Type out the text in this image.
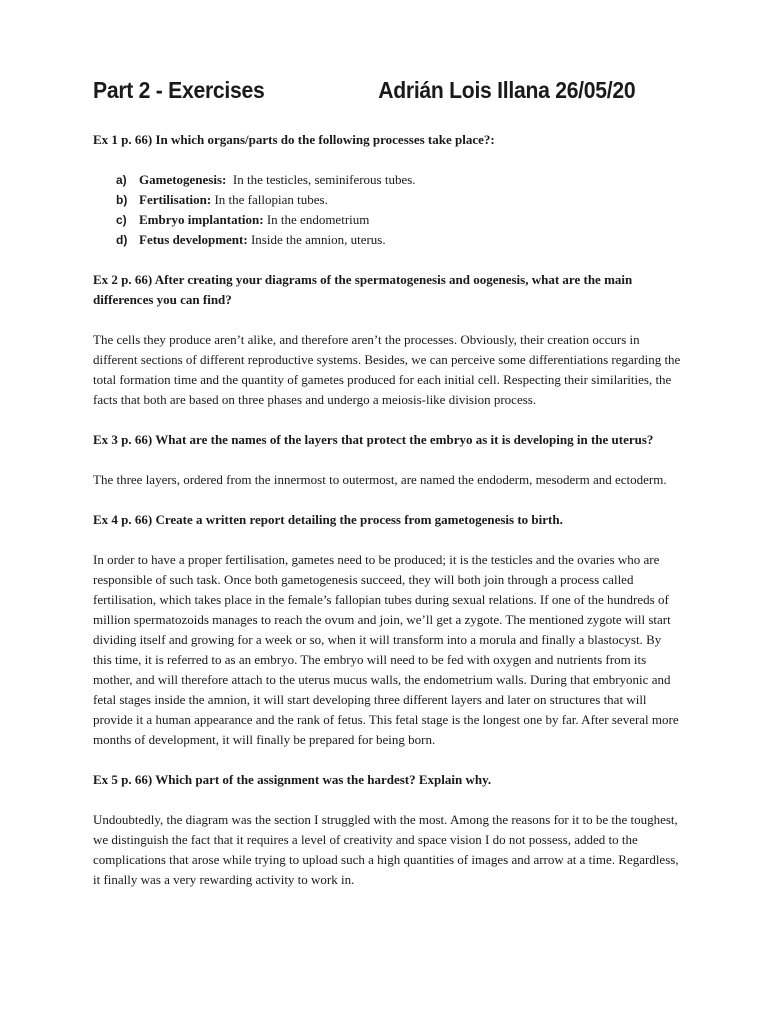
Part 2 - Exercises	Adrián Lois Illana 26/05/20

Ex 1 p. 66) In which organs/parts do the following processes take place?:

a) Gametogenesis:  In the testicles, seminiferous tubes.
b) Fertilisation: In the fallopian tubes.
c) Embryo implantation: In the endometrium
d) Fetus development: Inside the amnion, uterus.

Ex 2 p. 66) After creating your diagrams of the spermatogenesis and oogenesis, what are the main differences you can find?

The cells they produce aren’t alike, and therefore aren’t the processes. Obviously, their creation occurs in different sections of different reproductive systems. Besides, we can perceive some differentiations regarding the total formation time and the quantity of gametes produced for each initial cell. Respecting their similarities, the facts that both are based on three phases and undergo a meiosis-like division process.

Ex 3 p. 66) What are the names of the layers that protect the embryo as it is developing in the uterus?

The three layers, ordered from the innermost to outermost, are named the endoderm, mesoderm and ectoderm.

Ex 4 p. 66) Create a written report detailing the process from gametogenesis to birth.

In order to have a proper fertilisation, gametes need to be produced; it is the testicles and the ovaries who are responsible of such task. Once both gametogenesis succeed, they will both join through a process called fertilisation, which takes place in the female’s fallopian tubes during sexual relations. If one of the hundreds of million spermatozoids manages to reach the ovum and join, we’ll get a zygote. The mentioned zygote will start dividing itself and growing for a week or so, when it will transform into a morula and finally a blastocyst. By this time, it is referred to as an embryo. The embryo will need to be fed with oxygen and nutrients from its mother, and will therefore attach to the uterus mucus walls, the endometrium walls. During that embryonic and fetal stages inside the amnion, it will start developing three different layers and later on structures that will provide it a human appearance and the rank of fetus. This fetal stage is the longest one by far. After several more months of development, it will finally be prepared for being born.

Ex 5 p. 66) Which part of the assignment was the hardest? Explain why.

Undoubtedly, the diagram was the section I struggled with the most. Among the reasons for it to be the toughest, we distinguish the fact that it requires a level of creativity and space vision I do not possess, added to the complications that arose while trying to upload such a high quantities of images and arrow at a time. Regardless, it finally was a very rewarding activity to work in.
